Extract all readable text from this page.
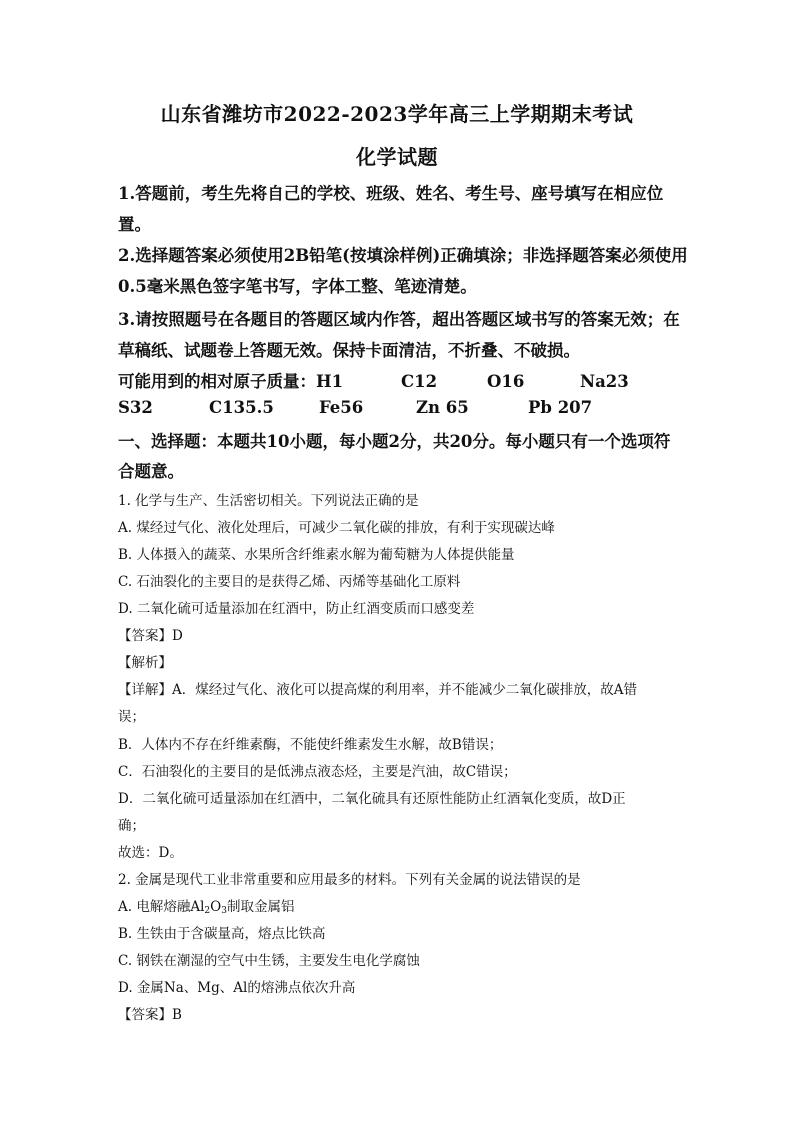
山东省潍坊市2022-2023学年高三上学期期末考试
化学试题
1.答题前，考生先将自己的学校、班级、姓名、考生号、座号填写在相应位
置。
2.选择题答案必须使用2B铅笔(按填涂样例)正确填涂；非选择题答案必须使用
0.5毫米黑色签字笔书写，字体工整、笔迹清楚。
3.请按照题号在各题目的答题区域内作答，超出答题区域书写的答案无效；在
草稿纸、试题卷上答题无效。保持卡面清洁，不折叠、不破损。
可能用到的相对原子质量：H1	C12	O16	Na23
S32	C135.5	Fe56	Zn 65	Pb 207
一、选择题：本题共10小题，每小题2分，共20分。每小题只有一个选项符
合题意。
1. 化学与生产、生活密切相关。下列说法正确的是
A. 煤经过气化、液化处理后，可减少二氧化碳的排放，有利于实现碳达峰
B. 人体摄入的蔬菜、水果所含纤维素水解为葡萄糖为人体提供能量
C. 石油裂化的主要目的是获得乙烯、丙烯等基础化工原料
D. 二氧化硫可适量添加在红酒中，防止红酒变质而口感变差
【答案】D
【解析】
【详解】A．煤经过气化、液化可以提高煤的利用率，并不能减少二氧化碳排放，故A错
误；
B．人体内不存在纤维素酶，不能使纤维素发生水解，故B错误；
C．石油裂化的主要目的是低沸点液态烃，主要是汽油，故C错误；
D．二氧化硫可适量添加在红酒中，二氧化硫具有还原性能防止红酒氧化变质，故D正
确；
故选：D。
2. 金属是现代工业非常重要和应用最多的材料。下列有关金属的说法错误的是
A. 电解熔融$Al_2O_3$制取金属铝
B. 生铁由于含碳量高，熔点比铁高
C. 钢铁在潮湿的空气中生锈，主要发生电化学腐蚀
D. 金属Na、Mg、Al的熔沸点依次升高
【答案】B
